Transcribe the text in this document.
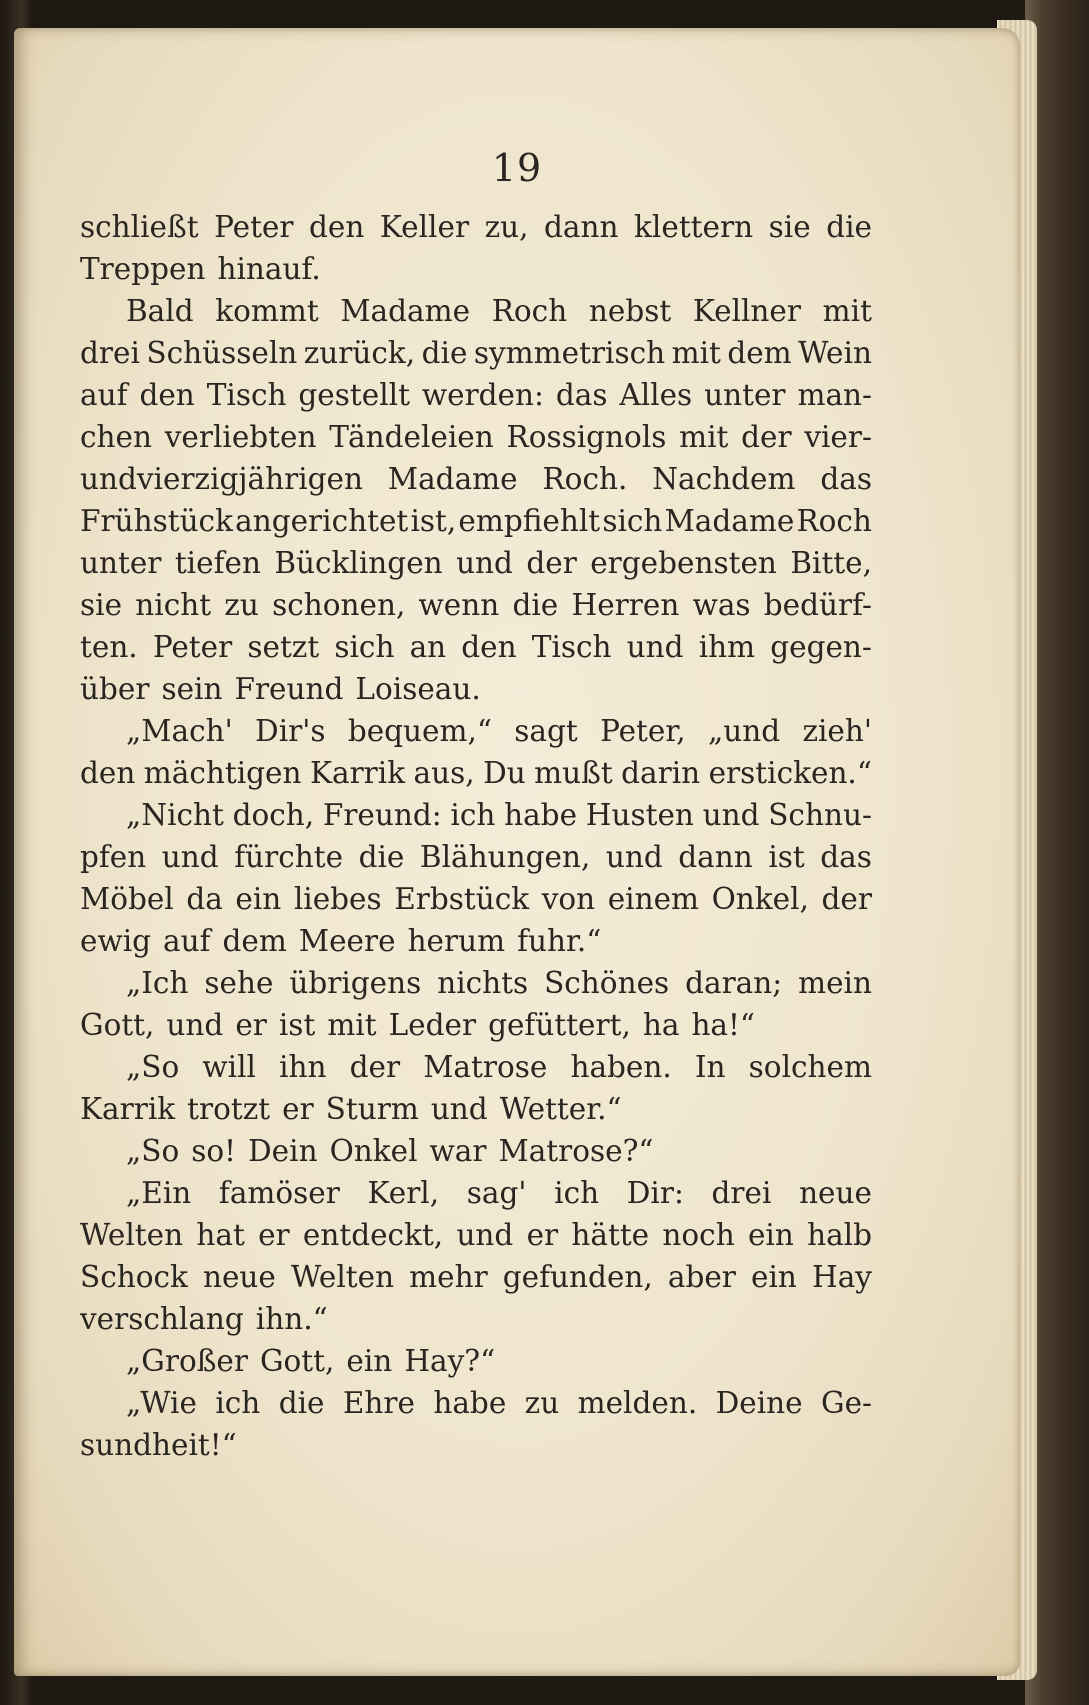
19
schließt Peter den Keller zu, dann klettern sie die
Treppen hinauf.
Bald kommt Madame Roch nebst Kellner mit
drei Schüsseln zurück, die symmetrisch mit dem Wein
auf den Tisch gestellt werden: das Alles unter man-
chen verliebten Tändeleien Rossignols mit der vier-
undvierzigjährigen Madame Roch. Nachdem das
Frühstück angerichtet ist, empfiehlt sich Madame Roch
unter tiefen Bücklingen und der ergebensten Bitte,
sie nicht zu schonen, wenn die Herren was bedürf-
ten. Peter setzt sich an den Tisch und ihm gegen-
über sein Freund Loiseau.
„Mach' Dir's bequem,“ sagt Peter, „und zieh'
den mächtigen Karrik aus, Du mußt darin ersticken.“
„Nicht doch, Freund: ich habe Husten und Schnu-
pfen und fürchte die Blähungen, und dann ist das
Möbel da ein liebes Erbstück von einem Onkel, der
ewig auf dem Meere herum fuhr.“
„Ich sehe übrigens nichts Schönes daran; mein
Gott, und er ist mit Leder gefüttert, ha ha!“
„So will ihn der Matrose haben. In solchem
Karrik trotzt er Sturm und Wetter.“
„So so! Dein Onkel war Matrose?“
„Ein famöser Kerl, sag' ich Dir: drei neue
Welten hat er entdeckt, und er hätte noch ein halb
Schock neue Welten mehr gefunden, aber ein Hay
verschlang ihn.“
„Großer Gott, ein Hay?“
„Wie ich die Ehre habe zu melden. Deine Ge-
sundheit!“
